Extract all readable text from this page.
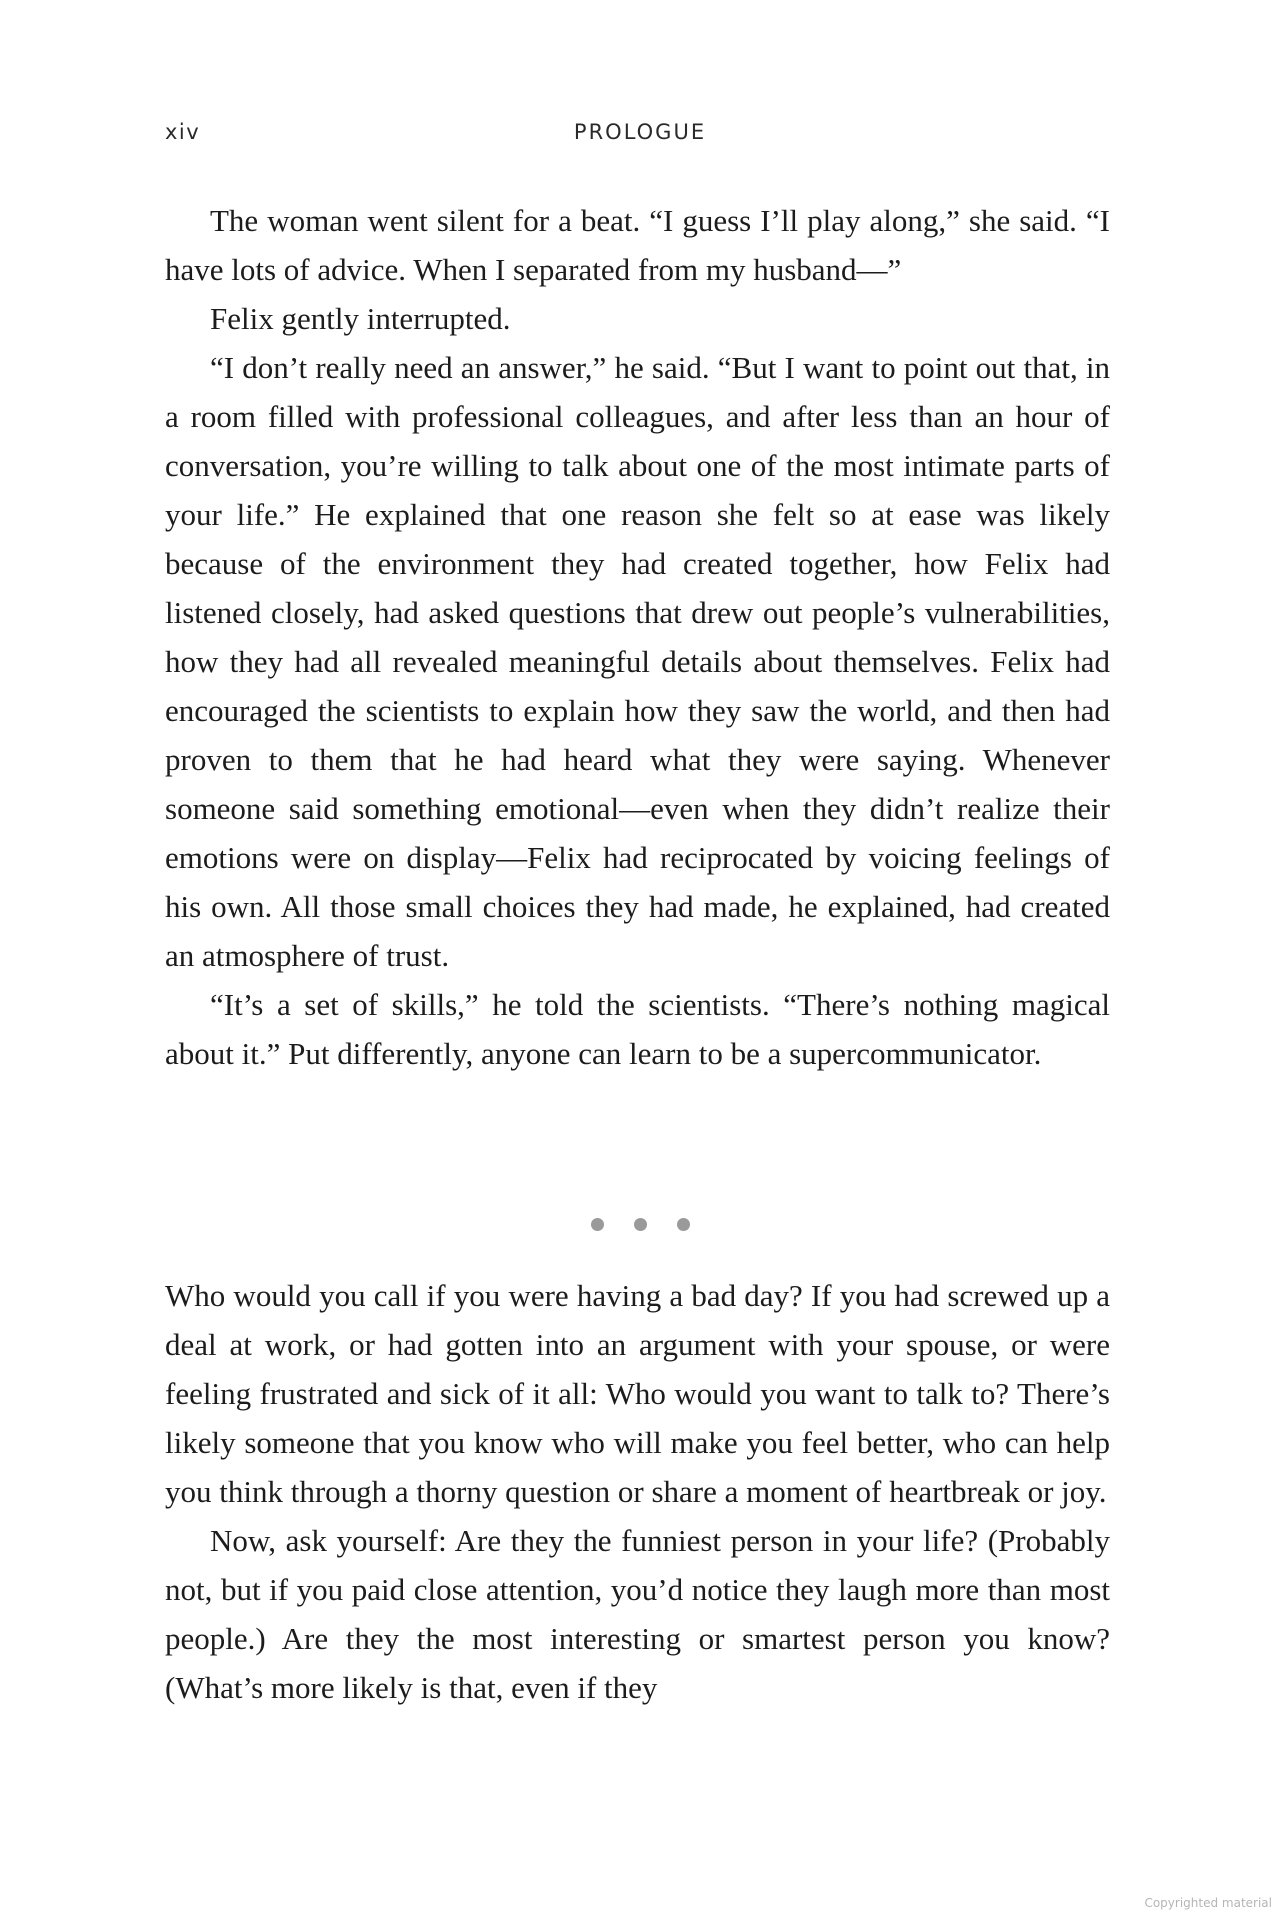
xiv	PROLOGUE

The woman went silent for a beat. “I guess I’ll play along,” she said. “I have lots of advice. When I separated from my husband—”

Felix gently interrupted.

“I don’t really need an answer,” he said. “But I want to point out that, in a room filled with professional colleagues, and after less than an hour of conversation, you’re willing to talk about one of the most intimate parts of your life.” He explained that one reason she felt so at ease was likely because of the environment they had created together, how Felix had listened closely, had asked questions that drew out people’s vulnerabilities, how they had all revealed meaningful details about themselves. Felix had encouraged the scientists to explain how they saw the world, and then had proven to them that he had heard what they were saying. Whenever someone said something emotional—even when they didn’t realize their emotions were on display—Felix had reciprocated by voicing feelings of his own. All those small choices they had made, he explained, had created an atmosphere of trust.

“It’s a set of skills,” he told the scientists. “There’s nothing magical about it.” Put differently, anyone can learn to be a supercommunicator.

Who would you call if you were having a bad day? If you had screwed up a deal at work, or had gotten into an argument with your spouse, or were feeling frustrated and sick of it all: Who would you want to talk to? There’s likely someone that you know who will make you feel better, who can help you think through a thorny question or share a moment of heartbreak or joy.

Now, ask yourself: Are they the funniest person in your life? (Probably not, but if you paid close attention, you’d notice they laugh more than most people.) Are they the most interesting or smartest person you know? (What’s more likely is that, even if they

Copyrighted material
